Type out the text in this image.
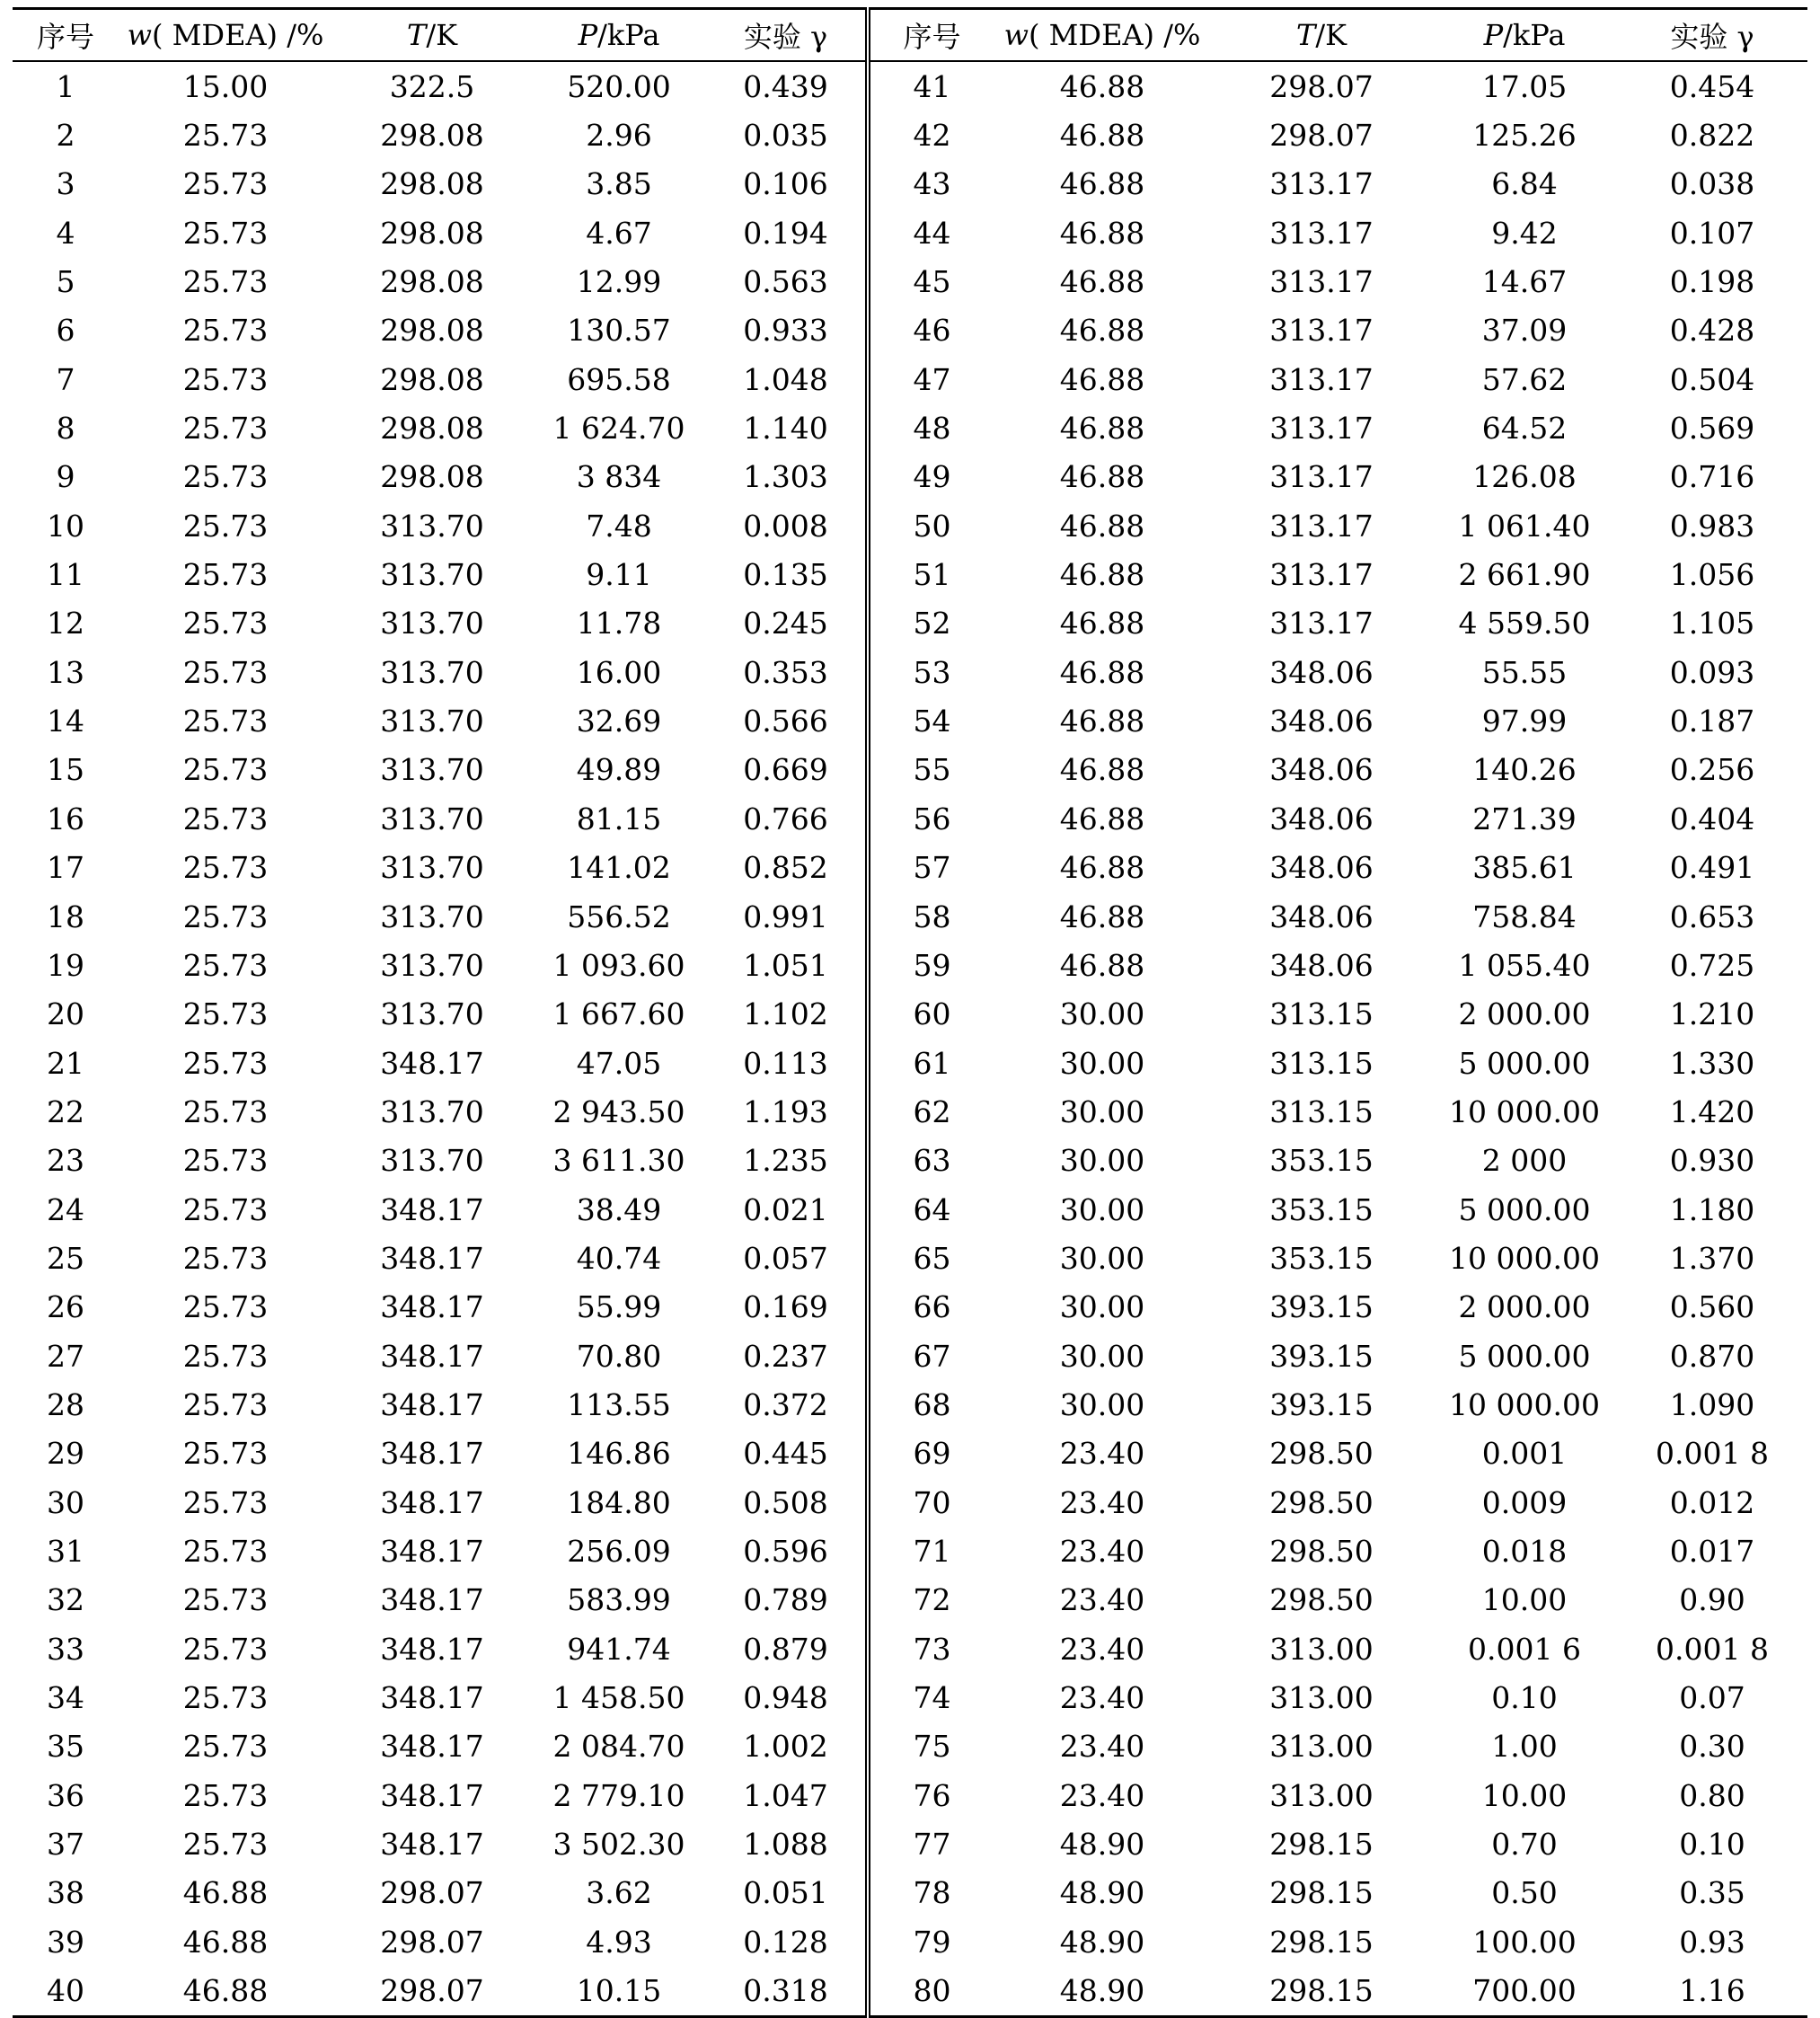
序号	w( MDEA) /%	T/K	P/kPa	实验 γ	序号	w( MDEA) /%	T/K	P/kPa	实验 γ
1	15.00	322.5	520.00	0.439	41	46.88	298.07	17.05	0.454
2	25.73	298.08	2.96	0.035	42	46.88	298.07	125.26	0.822
3	25.73	298.08	3.85	0.106	43	46.88	313.17	6.84	0.038
4	25.73	298.08	4.67	0.194	44	46.88	313.17	9.42	0.107
5	25.73	298.08	12.99	0.563	45	46.88	313.17	14.67	0.198
6	25.73	298.08	130.57	0.933	46	46.88	313.17	37.09	0.428
7	25.73	298.08	695.58	1.048	47	46.88	313.17	57.62	0.504
8	25.73	298.08	1 624.70	1.140	48	46.88	313.17	64.52	0.569
9	25.73	298.08	3 834	1.303	49	46.88	313.17	126.08	0.716
10	25.73	313.70	7.48	0.008	50	46.88	313.17	1 061.40	0.983
11	25.73	313.70	9.11	0.135	51	46.88	313.17	2 661.90	1.056
12	25.73	313.70	11.78	0.245	52	46.88	313.17	4 559.50	1.105
13	25.73	313.70	16.00	0.353	53	46.88	348.06	55.55	0.093
14	25.73	313.70	32.69	0.566	54	46.88	348.06	97.99	0.187
15	25.73	313.70	49.89	0.669	55	46.88	348.06	140.26	0.256
16	25.73	313.70	81.15	0.766	56	46.88	348.06	271.39	0.404
17	25.73	313.70	141.02	0.852	57	46.88	348.06	385.61	0.491
18	25.73	313.70	556.52	0.991	58	46.88	348.06	758.84	0.653
19	25.73	313.70	1 093.60	1.051	59	46.88	348.06	1 055.40	0.725
20	25.73	313.70	1 667.60	1.102	60	30.00	313.15	2 000.00	1.210
21	25.73	348.17	47.05	0.113	61	30.00	313.15	5 000.00	1.330
22	25.73	313.70	2 943.50	1.193	62	30.00	313.15	10 000.00	1.420
23	25.73	313.70	3 611.30	1.235	63	30.00	353.15	2 000	0.930
24	25.73	348.17	38.49	0.021	64	30.00	353.15	5 000.00	1.180
25	25.73	348.17	40.74	0.057	65	30.00	353.15	10 000.00	1.370
26	25.73	348.17	55.99	0.169	66	30.00	393.15	2 000.00	0.560
27	25.73	348.17	70.80	0.237	67	30.00	393.15	5 000.00	0.870
28	25.73	348.17	113.55	0.372	68	30.00	393.15	10 000.00	1.090
29	25.73	348.17	146.86	0.445	69	23.40	298.50	0.001	0.001 8
30	25.73	348.17	184.80	0.508	70	23.40	298.50	0.009	0.012
31	25.73	348.17	256.09	0.596	71	23.40	298.50	0.018	0.017
32	25.73	348.17	583.99	0.789	72	23.40	298.50	10.00	0.90
33	25.73	348.17	941.74	0.879	73	23.40	313.00	0.001 6	0.001 8
34	25.73	348.17	1 458.50	0.948	74	23.40	313.00	0.10	0.07
35	25.73	348.17	2 084.70	1.002	75	23.40	313.00	1.00	0.30
36	25.73	348.17	2 779.10	1.047	76	23.40	313.00	10.00	0.80
37	25.73	348.17	3 502.30	1.088	77	48.90	298.15	0.70	0.10
38	46.88	298.07	3.62	0.051	78	48.90	298.15	0.50	0.35
39	46.88	298.07	4.93	0.128	79	48.90	298.15	100.00	0.93
40	46.88	298.07	10.15	0.318	80	48.90	298.15	700.00	1.16
